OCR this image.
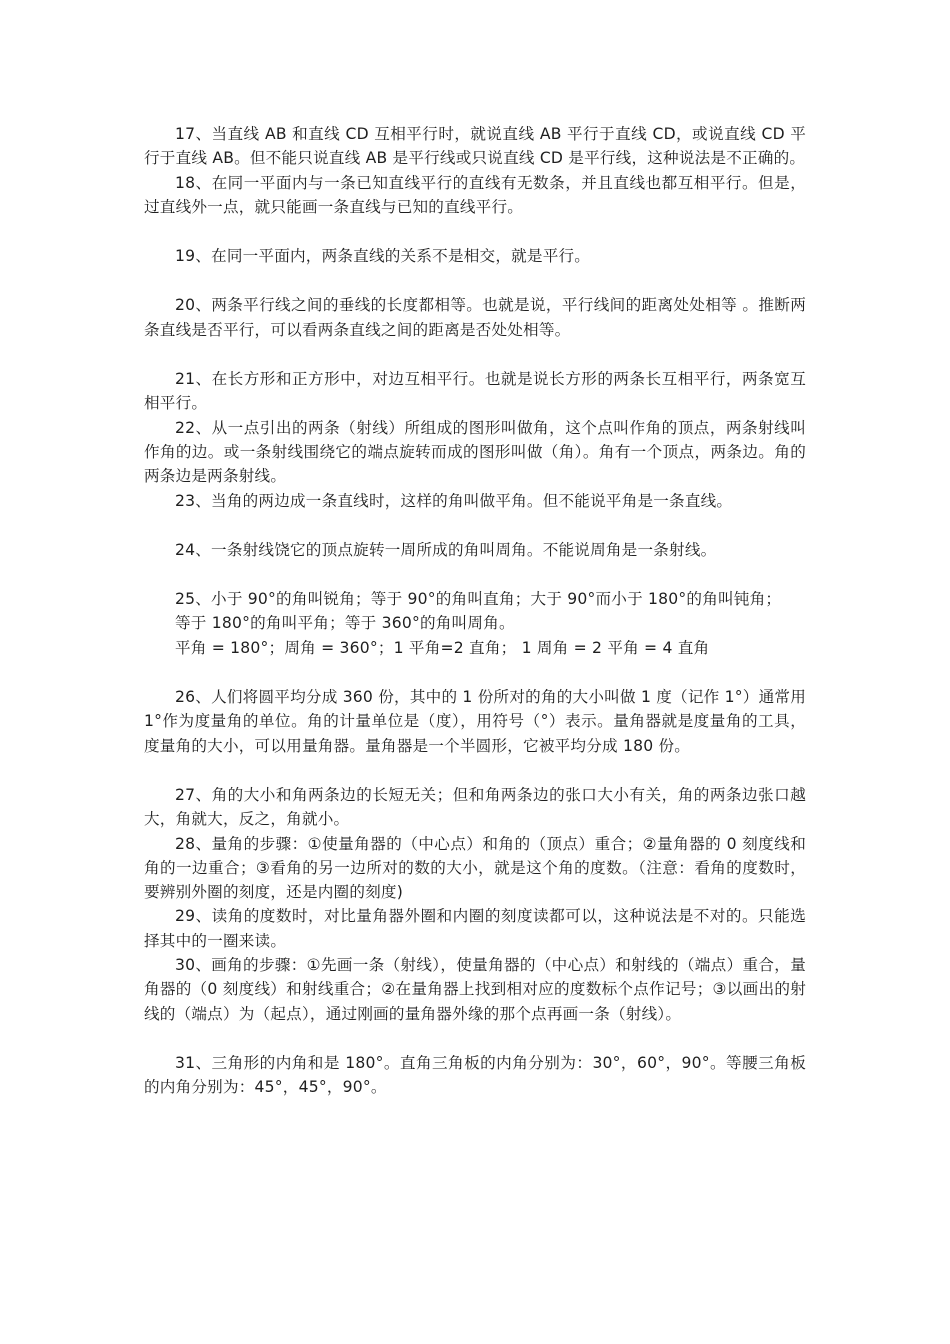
17、当直线 AB 和直线 CD 互相平行时，就说直线 AB 平行于直线 CD，或说直线 CD 平行于直线 AB。但不能只说直线 AB 是平行线或只说直线 CD 是平行线，这种说法是不正确的。

18、在同一平面内与一条已知直线平行的直线有无数条，并且直线也都互相平行。但是，过直线外一点，就只能画一条直线与已知的直线平行。

19、在同一平面内，两条直线的关系不是相交，就是平行。

20、两条平行线之间的垂线的长度都相等。也就是说，平行线间的距离处处相等 。推断两条直线是否平行，可以看两条直线之间的距离是否处处相等。

21、在长方形和正方形中，对边互相平行。也就是说长方形的两条长互相平行，两条宽互相平行。

22、从一点引出的两条（射线）所组成的图形叫做角，这个点叫作角的顶点，两条射线叫作角的边。或一条射线围绕它的端点旋转而成的图形叫做（角）。角有一个顶点，两条边。角的两条边是两条射线。

23、当角的两边成一条直线时，这样的角叫做平角。但不能说平角是一条直线。

24、一条射线饶它的顶点旋转一周所成的角叫周角。不能说周角是一条射线。

25、小于 90°的角叫锐角；等于 90°的角叫直角；大于 90°而小于 180°的角叫钝角；

等于 180°的角叫平角；等于 360°的角叫周角。

平角 = 180°；周角 = 360°；1 平角=2 直角； 1 周角 = 2 平角 = 4 直角

26、人们将圆平均分成 360 份，其中的 1 份所对的角的大小叫做 1 度（记作 1°）通常用 1°作为度量角的单位。角的计量单位是（度），用符号（°）表示。量角器就是度量角的工具，度量角的大小，可以用量角器。量角器是一个半圆形，它被平均分成 180 份。

27、角的大小和角两条边的长短无关；但和角两条边的张口大小有关，角的两条边张口越大，角就大，反之，角就小。

28、量角的步骤：①使量角器的（中心点）和角的（顶点）重合；②量角器的 0 刻度线和角的一边重合；③看角的另一边所对的数的大小，就是这个角的度数。（注意：看角的度数时，要辨别外圈的刻度，还是内圈的刻度)

29、读角的度数时，对比量角器外圈和内圈的刻度读都可以，这种说法是不对的。只能选择其中的一圈来读。

30、画角的步骤：①先画一条（射线），使量角器的（中心点）和射线的（端点）重合，量角器的（0 刻度线）和射线重合；②在量角器上找到相对应的度数标个点作记号；③以画出的射线的（端点）为（起点），通过刚画的量角器外缘的那个点再画一条（射线）。

31、三角形的内角和是 180°。直角三角板的内角分别为：30°，60°，90°。等腰三角板的内角分别为：45°，45°，90°。
